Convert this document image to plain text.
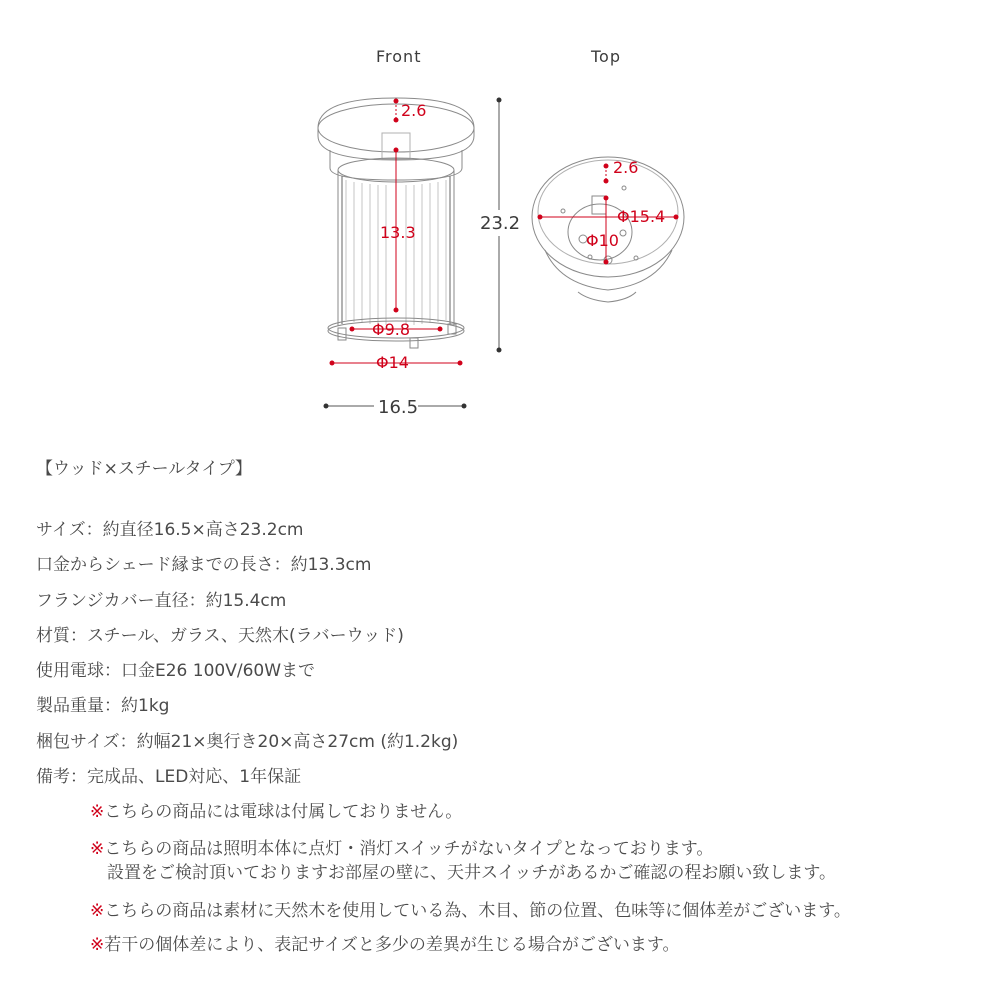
Front	Top
2.6
13.3
Φ9.8
Φ14
23.2
16.5
2.6
Φ15.4
Φ10
【ウッド×スチールタイプ】
サイズ：約直径16.5×高さ23.2cm
口金からシェード縁までの長さ：約13.3cm
フランジカバー直径：約15.4cm
材質：スチール、ガラス、天然木(ラバーウッド)
使用電球：口金E26 100V/60Wまで
製品重量：約1kg
梱包サイズ：約幅21×奥行き20×高さ27cm (約1.2kg)
備考：完成品、LED対応、1年保証
※こちらの商品には電球は付属しておりません。
※こちらの商品は照明本体に点灯・消灯スイッチがないタイプとなっております。
設置をご検討頂いておりますお部屋の壁に、天井スイッチがあるかご確認の程お願い致します。
※こちらの商品は素材に天然木を使用している為、木目、節の位置、色味等に個体差がございます。
※若干の個体差により、表記サイズと多少の差異が生じる場合がございます。
